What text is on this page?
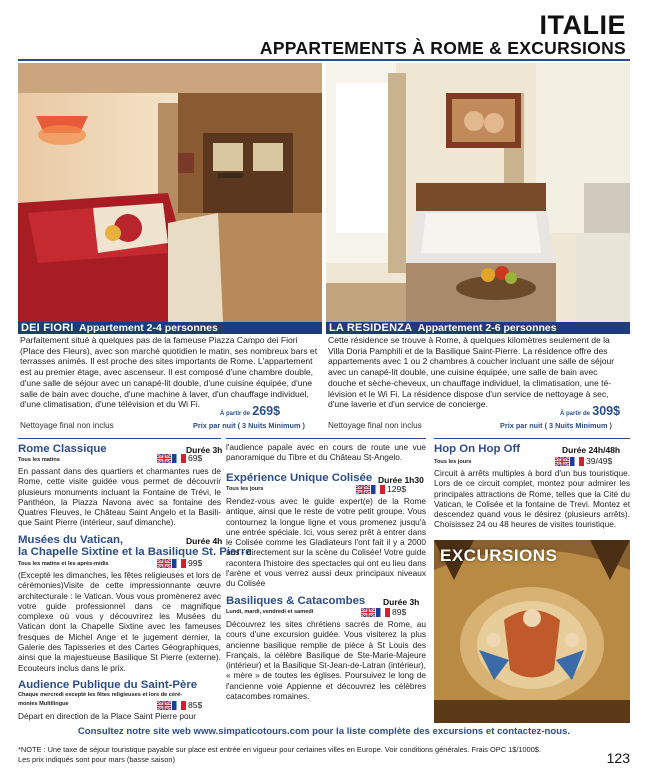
ITALIE
APPARTEMENTS À ROME & EXCURSIONS
DEI FIORI Appartement 2-4 personnes	LA RESIDENZA Appartement 2-6 personnes
Parfaitement situé à quelques pas de la fameuse Piazza Campo dei Fiori (Place des Fleurs), avec son marché quotidien le matin, ses nombreux bars et terrasses animés. Il est proche des sites importants de Rome. L'appartement est au premier étage, avec ascenseur. Il est composé d'une chambre double, d'une salle de séjour avec un canapé-lit double, d'une cuisine équipée, d'une salle de bain avec douche, d'une machine à laver, d'un chauffage individuel, d'une climatisation, d'une télévision et du Wi Fi.
Cette résidence se trouve à Rome, à quelques kilomètres seulement de la Villa Doria Pamphili et de la Basilique Saint-Pierre. La résidence offre des appartements avec 1 ou 2 chambres à coucher incluant une salle de séjour avec un canapé-lit double, une cuisine équipée, une salle de bain avec douche et sèche-cheveux, un chauffage individuel, la climatisation, une télévision et le Wi Fi. La résidence dispose d'un service de nettoyage à sec, d'une laverie et d'un service de concierge.
À partir de 269$
Nettoyage final non inclus	Prix par nuit ( 3 Nuits Minimum )
À partir de 309$
Nettoyage final non inclus	Prix par nuit ( 3 Nuits Minimum )
Rome Classique	Durée 3h
Tous les matins	69$
En passant dans des quartiers et charmantes rues de Rome, cette visite guidée vous permet de découvrir plusieurs monuments incluant la Fontaine de Trévi, le Panthéon, la Piazza Navona avec sa fontaine des Quatres Fleuves, le Château Saint Angelo et la Basilique Saint Pierre (intérieur, sauf dimanche).
Musées du Vatican,
la Chapelle Sixtine et la Basilique St. Pierre
Durée 4h
Tous les matins et les après-midis	99$
(Excepté les dimanches, les fêtes religieuses et lors de cérémonies)Visite de cette impressionnante œuvre architecturale : le Vatican. Vous vous promènerez avec votre guide professionnel dans ce magnifique complexe où vous y découvrirez les Musées du Vatican dont la Chapelle Sixtine avec les fameuses fresques de Michel Ange et le jugement dernier, la Galerie des Tapisseries et des Cartes Géographiques, ainsi que la majestueuse Basilique St Pierre (externe). Ecouteurs inclus dans le prix.
Audience Publique du Saint-Père
Chaque mercredi excepté les fêtes religieuses et lors de céré-
monies Multilingue	85$
Départ en direction de la Place Saint Pierre pour
l'audience papale avec en cours de route une vue panoramique du Tibre et du Château St-Angelo.
Expérience Unique Colisée Durée 1h30
Tous les jours	129$
Rendez-vous avec le guide expert(e) de la Rome antique, ainsi que le reste de votre petit groupe. Vous contournez la longue ligne et vous promenez jusqu'à une entrée spéciale. Ici, vous serez prêt à entrer dans le Colisée comme les Gladiateurs l'ont fait il y a 2000 ans - directement sur la scène du Colisée! Votre guide racontera l'histoire des spectacles qui ont eu lieu dans l'arène et vous verrez aussi deux principaux niveaux du Colisée
Basiliques & Catacombes Durée 3h
Lundi, mardi, vendredi et samedi	89$
Découvrez les sites chrétiens sacrés de Rome, au cours d'une excursion guidée. Vous visiterez la plus ancienne basilique remplie de pièce à St Louis des Français, la célèbre Basilique de Ste-Marie-Majeure (intérieur) et la Basilique St-Jean-de-Latran (intérieur), « mère » de toutes les églises. Poursuivez le long de l'ancienne voie Appienne et découvrez les célèbres catacombes romaines.
Hop On Hop Off	Durée 24h/48h
Tous les jours	39/49$
Circuit à arrêts multiples à bord d'un bus touristique. Lors de ce circuit complet, montez pour admirer les principales attractions de Rome, telles que la Cité du Vatican, le Colisée et la fontaine de Trevi. Montez et descendez quand vous le désirez (plusieurs arrêts). Choisissez 24 ou 48 heures de visites touristique.
EXCURSIONS
Consultez notre site web www.simpaticotours.com pour la liste complète des excursions et contactez-nous.
*NOTE : Une taxe de séjour touristique payable sur place est entrée en vigueur pour certaines villes en Europe. Voir conditions générales. Frais OPC 1$/1000$.
Les prix indiqués sont pour mars (basse saison)	123
